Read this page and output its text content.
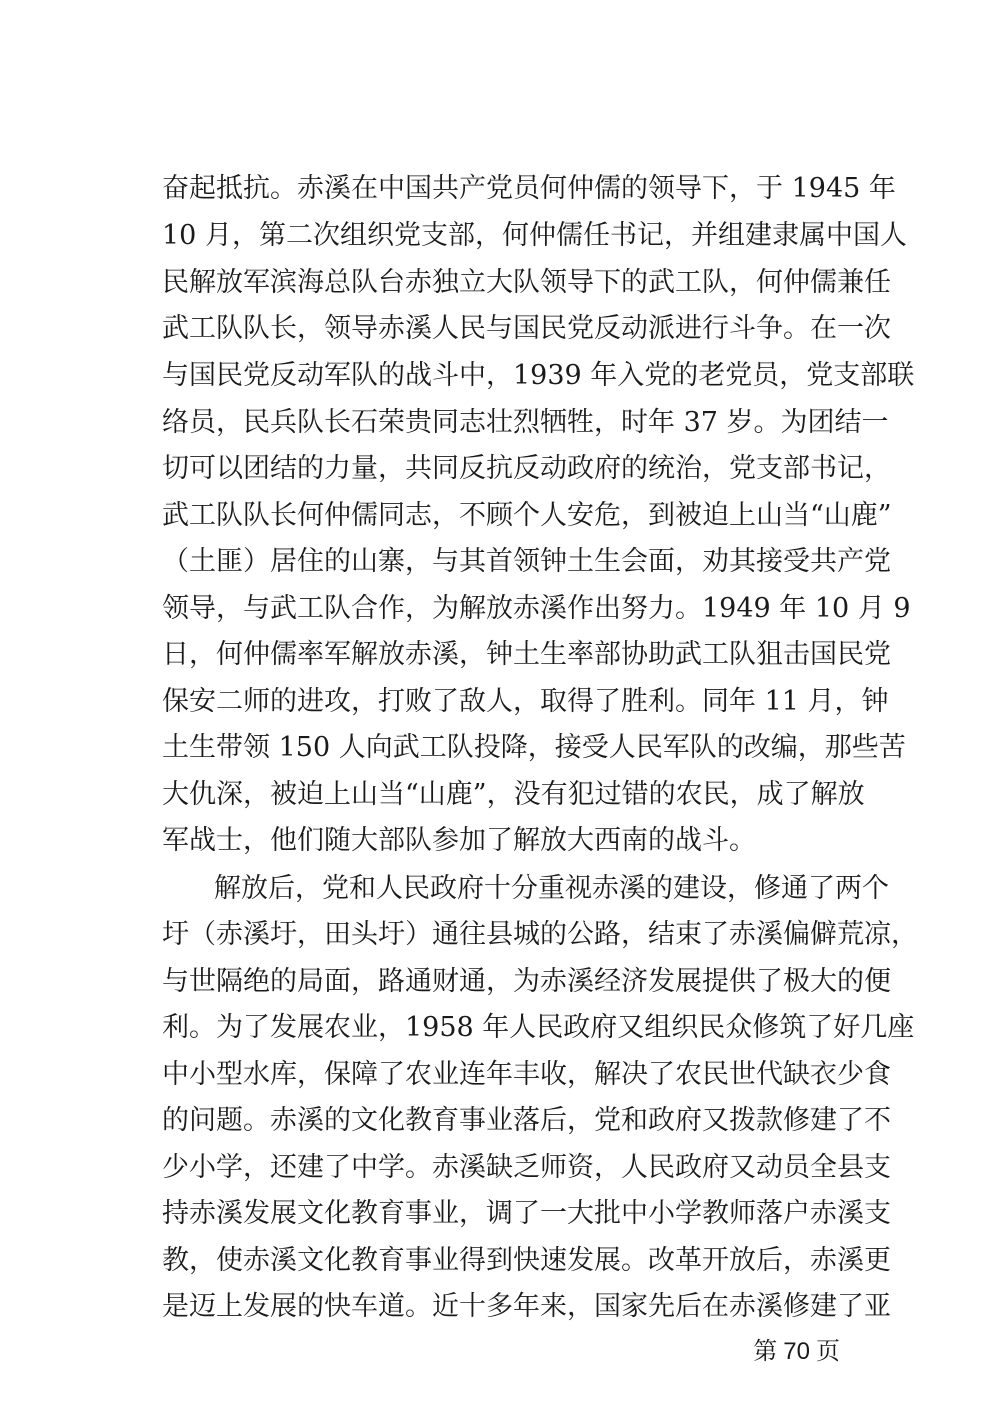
奋起抵抗。赤溪在中国共产党员何仲儒的领导下，于 1945 年
10 月，第二次组织党支部，何仲儒任书记，并组建隶属中国人
民解放军滨海总队台赤独立大队领导下的武工队，何仲儒兼任
武工队队长，领导赤溪人民与国民党反动派进行斗争。在一次
与国民党反动军队的战斗中，1939 年入党的老党员，党支部联
络员，民兵队长石荣贵同志壮烈牺牲，时年 37 岁。为团结一
切可以团结的力量，共同反抗反动政府的统治，党支部书记，
武工队队长何仲儒同志，不顾个人安危，到被迫上山当“山鹿”
（土匪）居住的山寨，与其首领钟土生会面，劝其接受共产党
领导，与武工队合作，为解放赤溪作出努力。1949 年 10 月 9
日，何仲儒率军解放赤溪，钟土生率部协助武工队狙击国民党
保安二师的进攻，打败了敌人，取得了胜利。同年 11 月，钟
土生带领 150 人向武工队投降，接受人民军队的改编，那些苦
大仇深，被迫上山当“山鹿”，没有犯过错的农民，成了解放
军战士，他们随大部队参加了解放大西南的战斗。
解放后，党和人民政府十分重视赤溪的建设，修通了两个
圩（赤溪圩，田头圩）通往县城的公路，结束了赤溪偏僻荒凉，
与世隔绝的局面，路通财通，为赤溪经济发展提供了极大的便
利。为了发展农业，1958 年人民政府又组织民众修筑了好几座
中小型水库，保障了农业连年丰收，解决了农民世代缺衣少食
的问题。赤溪的文化教育事业落后，党和政府又拨款修建了不
少小学，还建了中学。赤溪缺乏师资，人民政府又动员全县支
持赤溪发展文化教育事业，调了一大批中小学教师落户赤溪支
教，使赤溪文化教育事业得到快速发展。改革开放后，赤溪更
是迈上发展的快车道。近十多年来，国家先后在赤溪修建了亚
第 70 页
